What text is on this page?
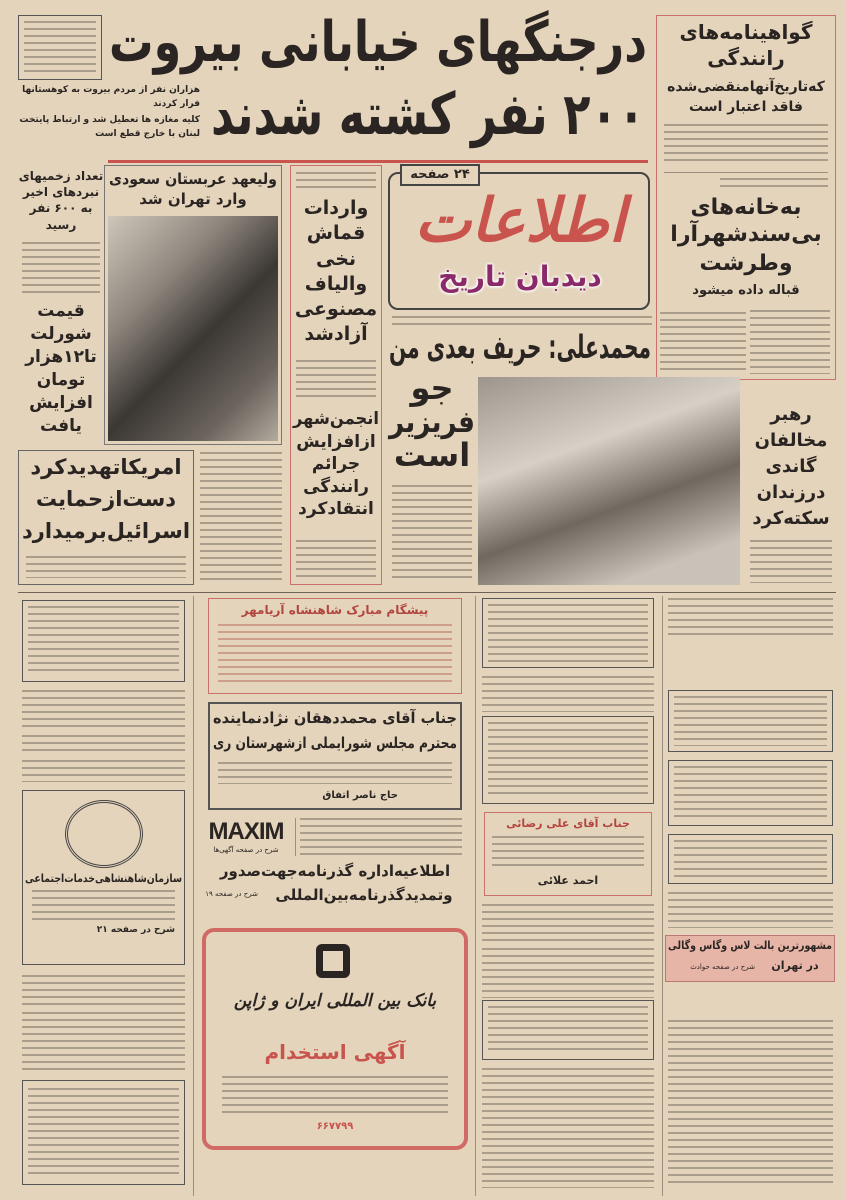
هزاران نفر از مردم بیروت به کوهستانها فرار کردند
کلیه مغازه ها تعطیل شد و ارتباط پایتخت لبنان با خارج قطع است
درجنگهای خیابانی بیروت
۲۰۰ نفر کشته شدند
گواهینامه‌های
رانندگی
که‌تاریخ‌آنهامنقضی‌شده
فاقد اعتبار است
به‌خانه‌های
بی‌سندشهرآرا
وطرشت
قباله داده میشود
تعداد زخمیهای نبردهای اخیر به ۶۰۰ نفر رسید
قیمت
شورلت
تا۱۲هزار
تومان
افزایش
یافت
ولیعهد عربستان سعودی
وارد تهران شد	واردات
قماش
نخی
والیاف
مصنوعی
آزادشد
انجمن‌شهر
ازافزایش
جرائم
رانندگی
انتقادکرد
۲۴ صفحه
اطلاعات
دیدبان تاریخ
محمدعلی: حریف بعدی من
جو
فریزیر
است
رهبر
مخالفان
گاندی
درزندان
سکته‌کرد
امریکاتهدیدکرد
دست‌ازحمایت
اسرائیل‌برمیدارد
سازمان‌شاهنشاهی‌خدمات‌اجتماعی
شرح در صفحه ۲۱
پیشگام مبارک شاهنشاه آریامهر
جناب آقای محمددهقان نژادنماینده
محترم مجلس شورایملی ازشهرستان ری
حاج ناصر اتفاق
MAXIM
شرح در صفحه آگهی‌ها
اطلاعیه‌اداره گذرنامه‌جهت‌صدور
وتمدیدگذرنامه‌بین‌المللی
شرح در صفحه ۱۹
بانک بین المللی ایران و ژاپن
آگهی استخدام
۶۶۷۷۹۹
جناب آقای علی رضائی
احمد علائی
مشهورترین بالت لاس وگاس وگالی
در تهران
شرح در صفحه حوادث
